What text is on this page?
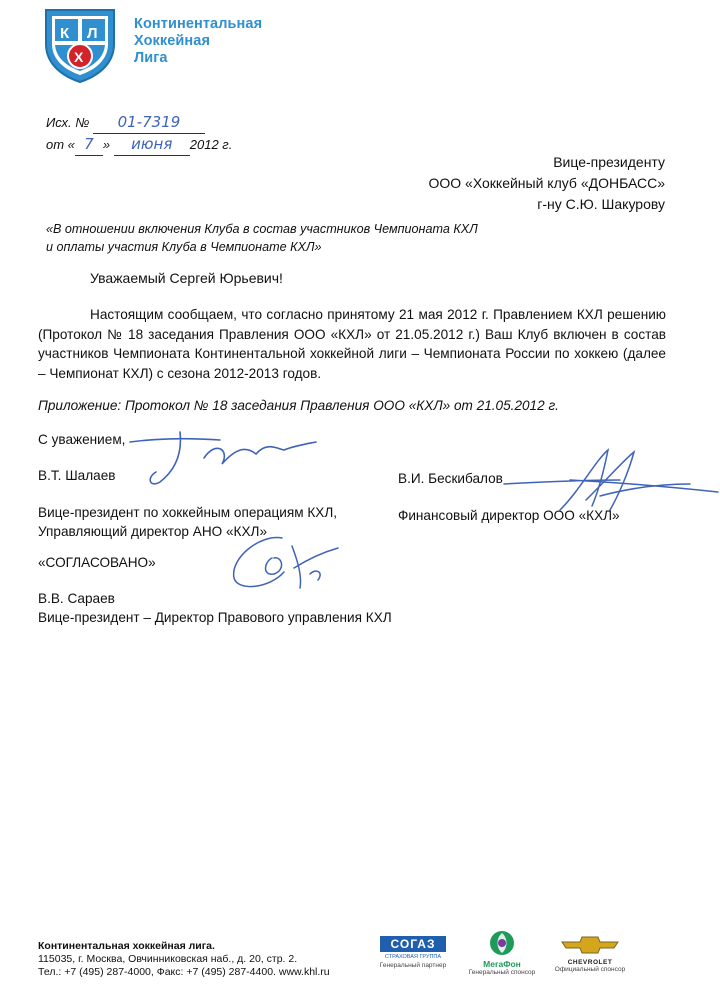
К Л
Х
Континентальная
Хоккейная
Лига
Исх. № 01-7319
от « 7 » июня 2012 г.
Вице-президенту
ООО «Хоккейный клуб «ДОНБАСС»
г-ну С.Ю. Шакурову
«В отношении включения Клуба в состав участников Чемпионата КХЛ
и оплаты участия Клуба в Чемпионате КХЛ»
Уважаемый Сергей Юрьевич!

Настоящим сообщаем, что согласно принятому 21 мая 2012 г. Правлением КХЛ решению (Протокол № 18 заседания Правления ООО «КХЛ» от 21.05.2012 г.) Ваш Клуб включен в состав участников Чемпионата Континентальной хоккейной лиги – Чемпионата России по хоккею (далее – Чемпионат КХЛ) с сезона 2012-2013 годов.

Приложение: Протокол № 18 заседания Правления ООО «КХЛ» от 21.05.2012 г.
С уважением,
В.Т. Шалаев
Вице-президент по хоккейным операциям КХЛ,
Управляющий директор АНО «КХЛ»
В.И. Бескибалов
Финансовый директор ООО «КХЛ»
«СОГЛАСОВАНО»
В.В. Сараев
Вице-президент – Директор Правового управления КХЛ
Континентальная хоккейная лига.
115035, г. Москва, Овчинниковская наб., д. 20, стр. 2.
Тел.: +7 (495) 287-4000, Факс: +7 (495) 287-4400. www.khl.ru
СОГАЗ
СТРАХОВАЯ ГРУППА
Генеральный партнер	МегаФон
Генеральный спонсор
CHEVROLET
Официальный спонсор
